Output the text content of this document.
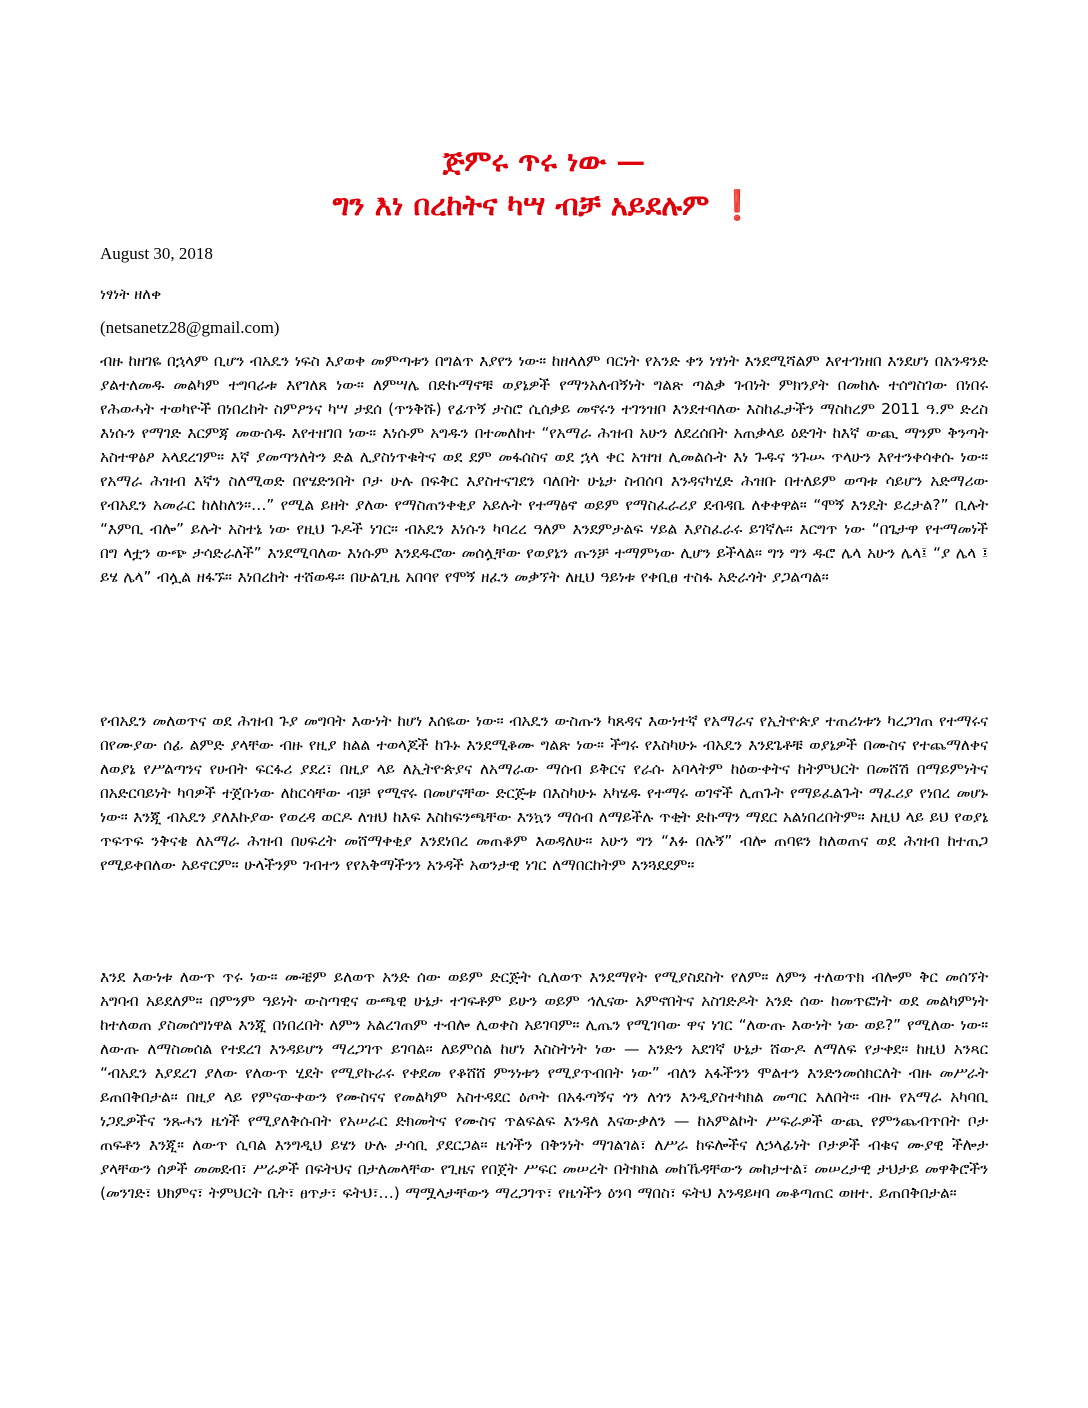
ጅምሩ ጥሩ ነው —
ግን እነ በረከትና ካሣ ብቻ አይደሉም ❗
August 30, 2018
ነፃነት ዘለቀ
(netsanetz28@gmail.com)

ብዙ ከዘገዬ በኋላም ቢሆን ብአዴን ነፍስ እያወቀ መምጣቱን በግልጥ እያየን ነው፡፡ ከዘላለም ባርነት የአንድ ቀን ነፃነት እንደሚሻልም እየተገነዘበ እንደሆነ በአንዳንድ ያልተለመዱ መልካም ተግባራቱ እየገለጸ ነው፡፡ ለምሣሌ በድኩማኖቹ ወያኔዎች የማንአለብኝነት ግልጽ ጣልቃ ገብነት ምክንያት በመከሉ ተሰግስገው በነበሩ የሕወሓት ተወካዮች በነበረከት ስምዖንና ካሣ ታደሰ (ጥንቅሹ) የፊጥኝ ታስሮ ሲሰቃይ መኖሩን ተገንዝቦ እንደተባለው እስከፈታችን ማስከረም 2011 ዓ.ም ድረስ እነሱን የማገድ እርምጃ መውሰዱ እየተዘገበ ነው፡፡ እነሱም አግዱን በተመለከተ “የአማራ ሕዝብ አሁን ለደረሰበት አጠቃላይ ዕድገት ከእኛ ውጪ ማንም ቅንጣት አስተዋፅዖ አላደረገም፡፡ እኛ ያመጣንለትን ድል ሊያስነጥቁትና ወደ ደም መፋሰስና ወደ ኋላ ቀር አዝዝ ሊመልሱት እነ ጉዱና ንጉሡ ጥላሁን እየተንቀሳቀሱ ነው፡፡ የአማራ ሕዝብ እኛን ስለሚወድ በየሄድንበት ቦታ ሁሉ በፍቅር እያስተናገደን ባለበት ሁኔታ ስብሰባ እንዳናካሂድ ሕዝቡ በተለይም ወጣቱ ሳይሆን አድማሪው የብአዴን አመራር ከለከለን፡፡…” የሚል ይዘት ያለው የማስጠንቀቂያ አይሉት የተማፅኖ ወይም የማስፈራሪያ ደብዳቤ ለቀቀዋል፡፡ “ሞኝ እንዴት ይረታል?” ቢሉት “እምቢ ብሎ” ይሉት አስተኔ ነው የዚህ ጉዶች ነገር፡፡ ብአዴን እነሱን ካባረረ ዓለም እንደምታልፍ ሃይል እያስፈራሩ ይገኛሉ፡፡ እርግጥ ነው “በጌታዋ የተማመነች በግ ላቷን ውጭ ታሳድራለች” እንደሚባለው እነሱም እንደዱሮው መሰሏቸው የወያኔን ጡንቻ ተማምነው ሊሆን ይችላል፡፡ ግን ግን ዱሮ ሌላ አሁን ሌላ፤ “ያ ሌላ ፤ ይሄ ሌላ” ብሏል ዘፋኙ፡፡ እነበረከት ተሸወዱ፡፡ በሁልጊዜ አበባየ የሞኝ ዘፈን መቃኘት ለዚህ ዓይነቱ የቀቢፀ ተስፋ አድራጎት ያጋልጣል፡፡

የብአዴን መለወጥና ወደ ሕዝብ ጉያ መግባት እውነት ከሆነ እሰዬው ነው፡፡ ብአዴን ውስጡን ካጸዳና እውነተኛ የአማራና የኢትዮጵያ ተጠሪነቱን ካረጋገጠ የተማሩና በየሙያው ሰፊ ልምድ ያላቸው ብዙ የዚያ ክልል ተወላጆች ከጉኑ እንደሚቆሙ ግልጽ ነው፡፡ ችግሩ የእስካሁኑ ብአዴን እንደጌቶቹ ወያኔዎች በሙስና የተጨማለቀና ለወያኔ የሥልጣንና የሀብት ፍርፋሪ ያደረ፣ በዚያ ላይ ለኢትዮጵያና ለአማራው ማሰብ ይቅርና የራሱ አባላትም ከዕውቀትና ከትምህርት በመሸሽ በማይምነትና በአድርባይነት ካባዎች ተጀቡነው ለከርሳቸው ብቻ የሚኖሩ በመሆናቸው ድርጅቱ በእስካሁኑ አካሄዱ የተማሩ ወገኖች ሊጠጉት የማይፈልጉት ማፈሪያ የነበረ መሆኑ ነው፡፡ እንጂ ብአዴን ያለእኩያው የወረዳ ወርዶ ለዝህ ከእፍ እስከፍንጫቸው እንኳን ማሰብ ለማይችሉ ጥቂት ድኩማን ማደር አልነበረበትም፡፡ እዚህ ላይ ይህ የወያኔ ጥፍጥፍ ንቅናቄ ለአማራ ሕዝብ በሀፍረት መሸማቀቂያ እንደነበረ መጠቆም እወዳለሁ፡፡ አሁን ግን “እፉ በሉኝ” ብሎ ጠባዩን ከለወጠና ወደ ሕዝብ ከተጠጋ የሚይቀበለው አይኖርም፡፡ ሁላችንም ገብተን የየአቅማችንን አንዳች አወንታዊ ነገር ለማበርከትም እንጓደደም፡፡

እንደ እውነቱ ለውጥ ጥሩ ነው፡፡ ሙቼም ይለወጥ አንድ ሰው ወይም ድርጅት ሲለወጥ እንደማየት የሚያስደስት የለም፡፡ ለምን ተለወጥክ ብሎም ቅር መሰኘት አግባብ አይደለም፡፡ በምንም ዓይነት ውስጣዊና ውጫዊ ሁኔታ ተገፍቶም ይሁን ወይም ኅሊናው አምኖበትና አስገድዶት አንድ ሰው ከመጥፎነት ወደ መልካምነት ከተለወጠ ያስመሰግነዋል እንጂ በነበረበት ለምን አልረገጠም ተብሎ ሊወቀስ አይገባም፡፡ ሊጤን የሚገባው ዋና ነገር “ለውጡ እውነት ነው ወይ?” የሚለው ነው፡፡ ለውጡ ለማስመሰል የተደረገ እንዳይሆን ማረጋገጥ ይገባል፡፡ ለይምሰል ከሆነ እስስትነት ነው — አንድን አደገኛ ሁኔታ ሸውዶ ለማለፍ የታቀደ፡፡ ከዚህ አንጻር “ብአዴን እያደረገ ያለው የለውጥ ሂደት የሚያኩራሩ የቀደመ የቆሸሸ ምንነቱን የሚያጥብበት ነው” ብለን አፋችንን ሞልተን እንድንመሰክርለት ብዙ መሥራት ይጠበቅበታል፡፡ በዚያ ላይ የምናውቀውን የሙስናና የመልካም አስተዳደር ዕጦት በአፋጣኝና ጎን ለጎን እንዲያስተካክል መጣር አለበት፡፡ ብዙ የአማራ አካባቢ ነጋዴዎችና ንጹሓን ዜጎች የሚያለቅሱበት የአሠራር ድክመትና የሙስና ጥልፍልፍ እንዳለ እናውቃለን — ከአምልኮት ሥፍራዎች ውጪ የምንጨብጥበት ቦታ ጠፍቶን እንጂ፡፡ ለውጥ ሲባል እንግዲህ ይሄን ሁሉ ታሳቢ ያደርጋል፡፡ ዜጎችን በቅንነት ማገልገል፣ ለሥራ ከፍሎችና ለኃላፊነት ቦታዎች ብቁና ሙያዊ ችሎታ ያላቸውን ሰዎች መመደብ፣ ሥራዎች በፍትህና በታለመላቸው የጊዜና የበጀት ሥፍር መሠረት በትክክል መከኼዳቸውን መከታተል፣ መሠረታዊ ታህታይ መዋቅሮችን (መንገድ፣ ህክምና፣ ትምህርት ቤት፣ ፀጥታ፣ ፍትህ፣…) ማሟላታቸውን ማረጋገጥ፣ የዜጎችን ዕንባ ማበስ፣ ፍትህ እንዳይዛባ መቆጣጠር ወዘተ. ይጠበቅበታል፡፡
